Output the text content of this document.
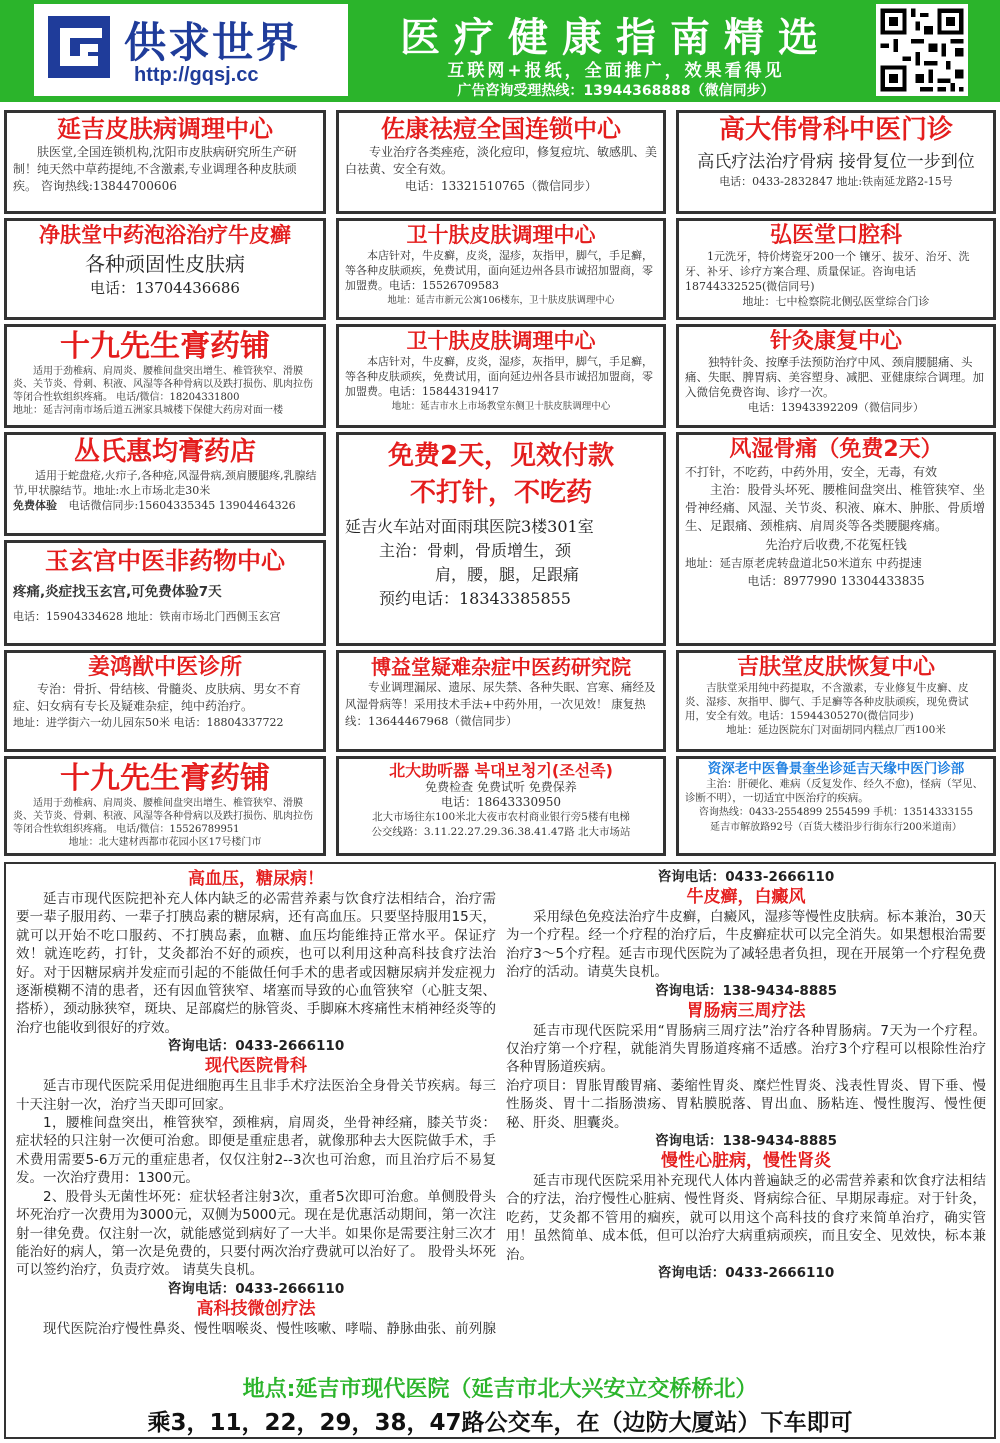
供求世界
http://gqsj.cc
医疗健康指南精选
互联网+报纸，全面推广，效果看得见
广告咨询受理热线：13944368888（微信同步）
延吉皮肤病调理中心
肤医堂,全国连锁机构,沈阳市皮肤病研究所生产研制！纯天然中草药提纯,不含激素,专业调理各种皮肤顽疾。 咨询热线:13844700606
佐康祛痘全国连锁中心
专业治疗各类痤疮，淡化痘印，修复痘坑、敏感肌、美白祛黄、安全有效。
电话：13321510765（微信同步）
高大伟骨科中医门诊
高氏疗法治疗骨病 接骨复位一步到位
电话：0433-2832847 地址:铁南延龙路2-15号
净肤堂中药泡浴治疗牛皮癣
各种顽固性皮肤病
电话：13704436686
卫十肤皮肤调理中心
本店针对，牛皮癣，皮炎，湿疹，灰指甲，脚气，手足癣，等各种皮肤顽疾，免费试用，面向延边州各县市诚招加盟商，零加盟费。电话：15526709583
地址：延吉市新元公寓106楼东，卫十肤皮肤调理中心
弘医堂口腔科
1元洗牙，特价烤瓷牙200一个 镶牙、拔牙、治牙、洗牙、补牙、诊疗方案合理、质量保证。咨询电话 18744332525(微信同号)
地址：七中检察院北侧弘医堂综合门诊
十九先生膏药铺
适用于劲椎病、肩周炎、腰椎间盘突出增生、椎管狭窄、滑膜炎、关节炎、骨刺、积液、风湿等各种骨病以及跌打损伤、肌肉拉伤等闭合性软组织疼痛。 电话/微信：18204331800
地址：延吉河南市场后道五洲家具城楼下保健大药房对面一楼
卫十肤皮肤调理中心
本店针对，牛皮癣，皮炎，湿疹，灰指甲，脚气，手足癣，等各种皮肤顽疾，免费试用，面向延边州各县市诚招加盟商，零加盟费。电话：15844319417
地址：延吉市水上市场教堂东侧卫十肤皮肤调理中心
针灸康复中心
独特针灸、按摩手法预防治疗中风、颈肩腰腿痛、头痛、失眠、脾胃病、美容塑身、减肥、亚健康综合调理。加入微信免费咨询、诊疗一次。
电话：13943392209（微信同步）
丛氏惠均膏药店
适用于蛇盘疮,火疖子,各种疮,风湿骨病,颈肩腰腿疼,乳腺结节,甲状腺结节。地址:水上市场北走30米
免费体验 电话微信同步:15604335345 13904464326
免费2天，见效付款
不打针，不吃药
延吉火车站对面雨琪医院3楼301室
主治：骨刺，骨质增生，颈
肩，腰，腿，足跟痛
预约电话：18343385855
风湿骨痛（免费2天）
不打针，不吃药，中药外用，安全，无毒，有效
主治：股骨头坏死、腰椎间盘突出、椎管狭窄、坐骨神经痛、风湿、关节炎、积液、麻木、肿胀、骨质增生、足跟痛、颈椎病、肩周炎等各类腰腿疼痛。
先治疗后收费,不花冤枉钱
地址：延吉原老虎转盘道北50米道东 中药提速
电话：8977990 13304433835
玉玄宫中医非药物中心
疼痛,炎症找玉玄宫,可免费体验7天
电话：15904334628 地址：铁南市场北门西侧玉玄宫
姜鸿猷中医诊所
专治：骨折、骨结核、骨髓炎、皮肤病、男女不育症、妇女病有专长及疑难杂症，纯中药治疗。
地址：进学街六一幼儿园东50米 电话：18804337722
博益堂疑难杂症中医药研究院
专业调理漏尿、遗尿、尿失禁、各种失眠、宫寒、痛经及风湿骨病等！采用技术手法+中药外用，一次见效！ 康复热线：13644467968（微信同步）
吉肤堂皮肤恢复中心
吉肤堂采用纯中药提取，不含激素，专业修复牛皮癣、皮炎、湿疹、灰指甲、脚气、手足癣等各种皮肤顽疾，现免费试用，安全有效。电话：15944305270(微信同步)
地址：延边医院东门对面胡同内糕点厂西100米
十九先生膏药铺
适用于劲椎病、肩周炎、腰椎间盘突出增生、椎管狭窄、滑膜炎、关节炎、骨刺、积液、风湿等各种骨病以及跌打损伤、肌肉拉伤等闭合性软组织疼痛。 电话/微信：15526789951
地址：北大建材西都市花园小区17号楼门市
北大助听器 북대보청기(조선족)
免费检查 免费试听 免费保养
电话：18643330950
北大市场往东100米北大夜市农村商业银行旁5楼有电梯
公交线路：3.11.22.27.29.36.38.41.47路 北大市场站
资深老中医鲁景奎坐诊延吉天缘中医门诊部
主治：肝硬化、难病（反复发作、经久不愈)，怪病（罕见、诊断不明），一切适宜中医治疗的疾病。
咨询热线：0433-2554899 2554599 手机：13514333155
延吉市解放路92号（百货大楼沿步行街东行200米道南）
高血压，糖尿病！

延吉市现代医院把补充人体内缺乏的必需营养素与饮食疗法相结合，治疗需要一辈子服用药、一辈子打胰岛素的糖尿病，还有高血压。只要坚持服用15天，就可以开始不吃口服药、不打胰岛素，血糖、血压均能维持正常水平。保证疗效！就连吃药，打针，艾灸都治不好的顽疾，也可以利用这种高科技食疗法治好。对于因糖尿病并发症而引起的不能做任何手术的患者或因糖尿病并发症视力逐渐模糊不清的患者，还有因血管狭窄、堵塞而导致的心血管狭窄（心脏支架、搭桥），颈动脉狭窄，斑块、足部腐烂的脉管炎、手脚麻木疼痛性末梢神经炎等的治疗也能收到很好的疗效。

咨询电话：0433-2666110
现代医院骨科

延吉市现代医院采用促进细胞再生且非手术疗法医治全身骨关节疾病。每三十天注射一次，治疗当天即可回家。

1，腰椎间盘突出，椎管狭窄，颈椎病，肩周炎，坐骨神经痛，膝关节炎： 症状轻的只注射一次便可治愈。即便是重症患者，就像那种去大医院做手术，手术费用需要5-6万元的重症患者，仅仅注射2--3次也可治愈，而且治疗后不易复发。一次治疗费用：1300元。

2、股骨头无菌性坏死：症状轻者注射3次，重者5次即可治愈。单侧股骨头坏死治疗一次费用为3000元，双侧为5000元。现在是优惠活动期间，第一次注射一律免费。仅注射一次，就能感觉到病好了一大半。如果你是需要注射三次才能治好的病人，第一次是免费的，只要付两次治疗费就可以治好了。 股骨头坏死可以签约治疗，负责疗效。 请莫失良机。

咨询电话：0433-2666110
高科技微创疗法

现代医院治疗慢性鼻炎、慢性咽喉炎、慢性咳嗽、哮喘、静脉曲张、前列腺

咨询电话：0433-2666110
牛皮癣，白癜风

采用绿色免疫法治疗牛皮癣，白癜风，湿疹等慢性皮肤病。标本兼治，30天为一个疗程。经一个疗程的治疗后，牛皮癣症状可以完全消失。如果想根治需要治疗3～5个疗程。延吉市现代医院为了减轻患者负担，现在开展第一个疗程免费治疗的活动。请莫失良机。

咨询电话：138-9434-8885
胃肠病三周疗法

延吉市现代医院采用“胃肠病三周疗法”治疗各种胃肠病。7天为一个疗程。仅治疗第一个疗程，就能消失胃肠道疼痛不适感。治疗3个疗程可以根除性治疗各种胃肠道疾病。

治疗项目：胃胀胃酸胃痛、萎缩性胃炎、糜烂性胃炎、浅表性胃炎、胃下垂、慢性肠炎、胃十二指肠溃疡、胃粘膜脱落、胃出血、肠粘连、慢性腹泻、慢性便秘、肝炎、胆囊炎。

咨询电话：138-9434-8885
慢性心脏病，慢性肾炎

延吉市现代医院采用补充现代人体内普遍缺乏的必需营养素和饮食疗法相结合的疗法，治疗慢性心脏病、慢性肾炎、肾病综合征、早期尿毒症。对于针灸，吃药，艾灸都不管用的痼疾，就可以用这个高科技的食疗来简单治疗，确实管用！虽然简单、成本低，但可以治疗大病重病顽疾，而且安全、见效快，标本兼治。

咨询电话：0433-2666110
地点:延吉市现代医院（延吉市北大兴安立交桥桥北）
乘3，11，22，29，38，47路公交车，在（边防大厦站）下车即可
